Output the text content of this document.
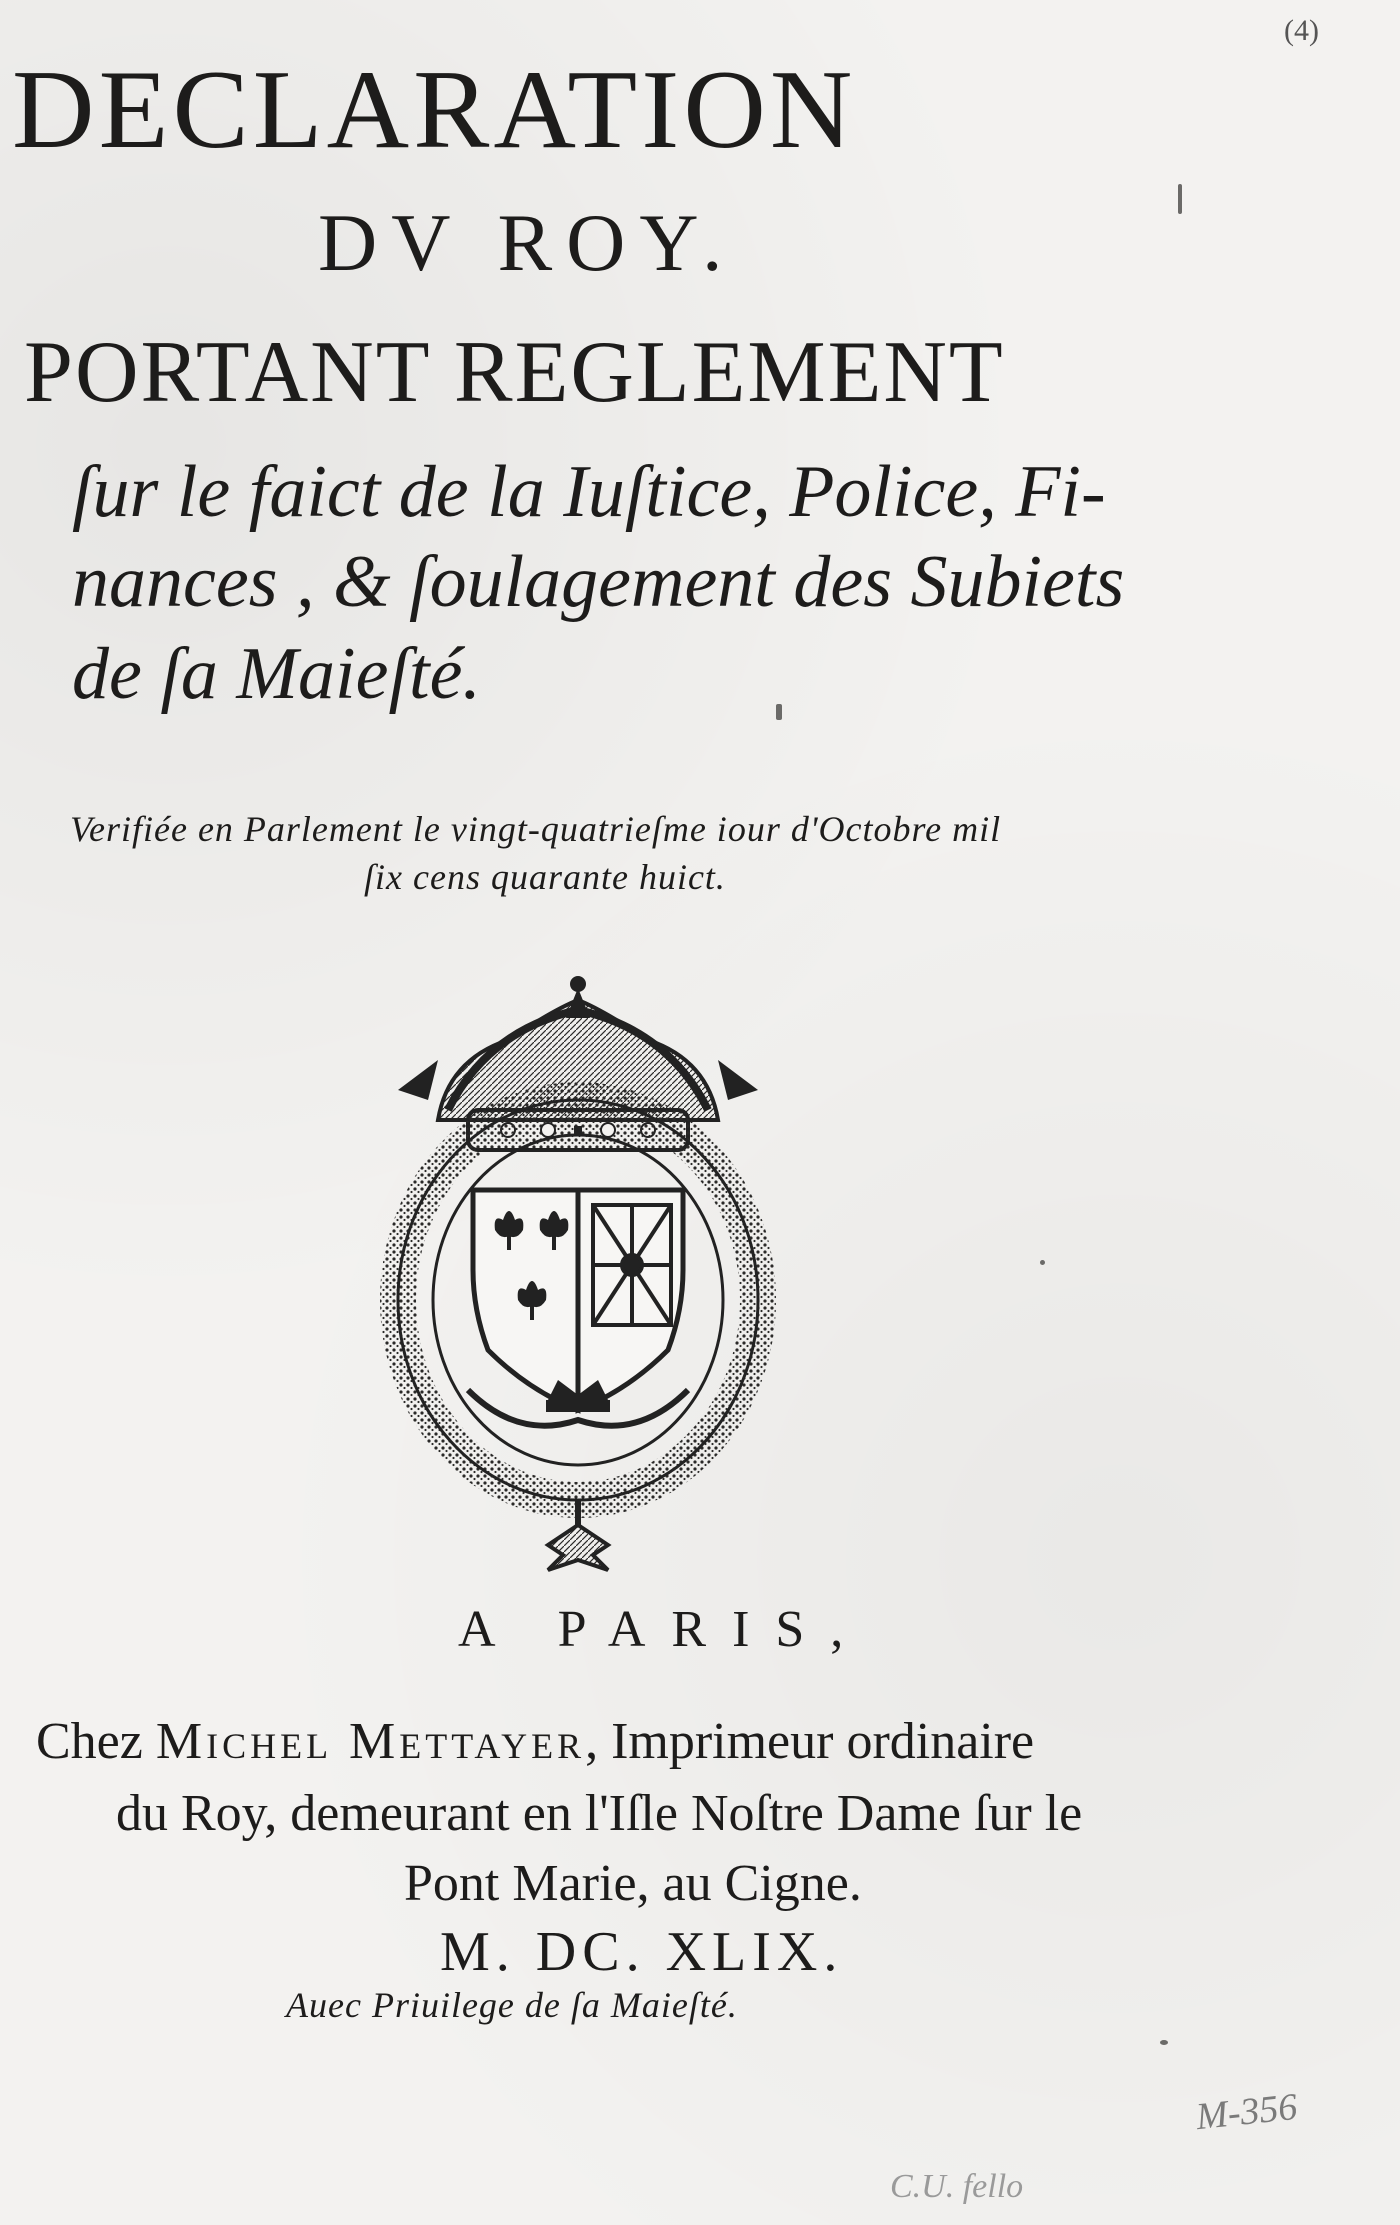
(4)
DECLARATION
DV ROY.
PORTANT REGLEMENT
ſur le faict de la Iuſtice, Police, Fi-
nances , & ſoulagement des Subiets
de ſa Maieſté.
Verifiée en Parlement le vingt-quatrieſme iour d'Octobre mil
ſix cens quarante huict.
A PARIS,
Chez Michel Mettayer, Imprimeur ordinaire
du Roy, demeurant en l'Iſle Noſtre Dame ſur le
Pont Marie, au Cigne.
M. DC. XLIX.
Auec Priuilege de ſa Maieſté.
M-356
C.U. fello
